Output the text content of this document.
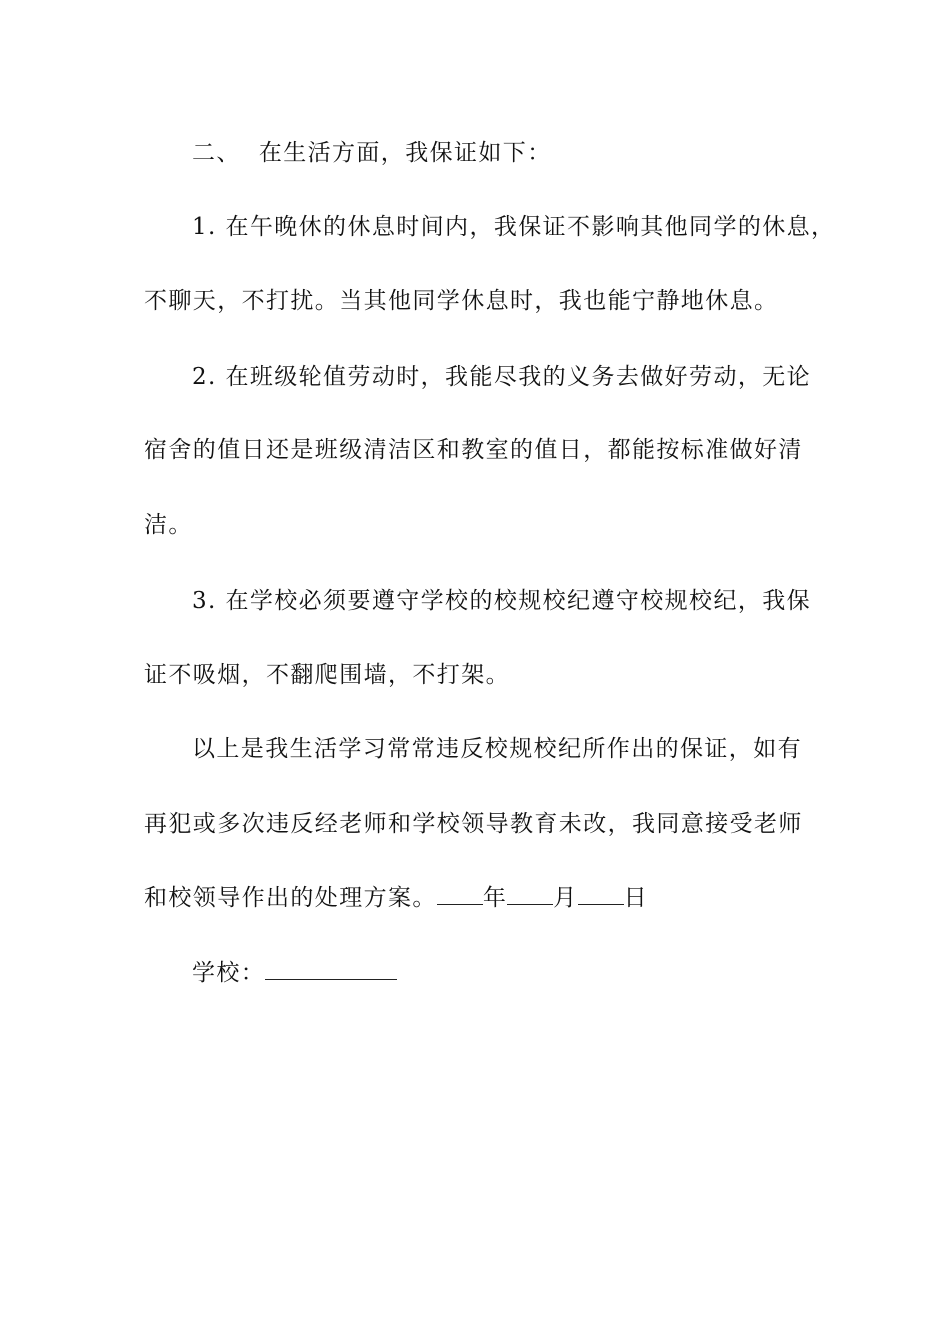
二、 在生活方面，我保证如下：
1. 在午晚休的休息时间内，我保证不影响其他同学的休息，
不聊天，不打扰。当其他同学休息时，我也能宁静地休息。
2. 在班级轮值劳动时，我能尽我的义务去做好劳动，无论
宿舍的值日还是班级清洁区和教室的值日，都能按标准做好清
洁。
3. 在学校必须要遵守学校的校规校纪遵守校规校纪，我保
证不吸烟，不翻爬围墙，不打架。
以上是我生活学习常常违反校规校纪所作出的保证，如有
再犯或多次违反经老师和学校领导教育未改，我同意接受老师
和校领导作出的处理方案。 年 月 日
学校：
